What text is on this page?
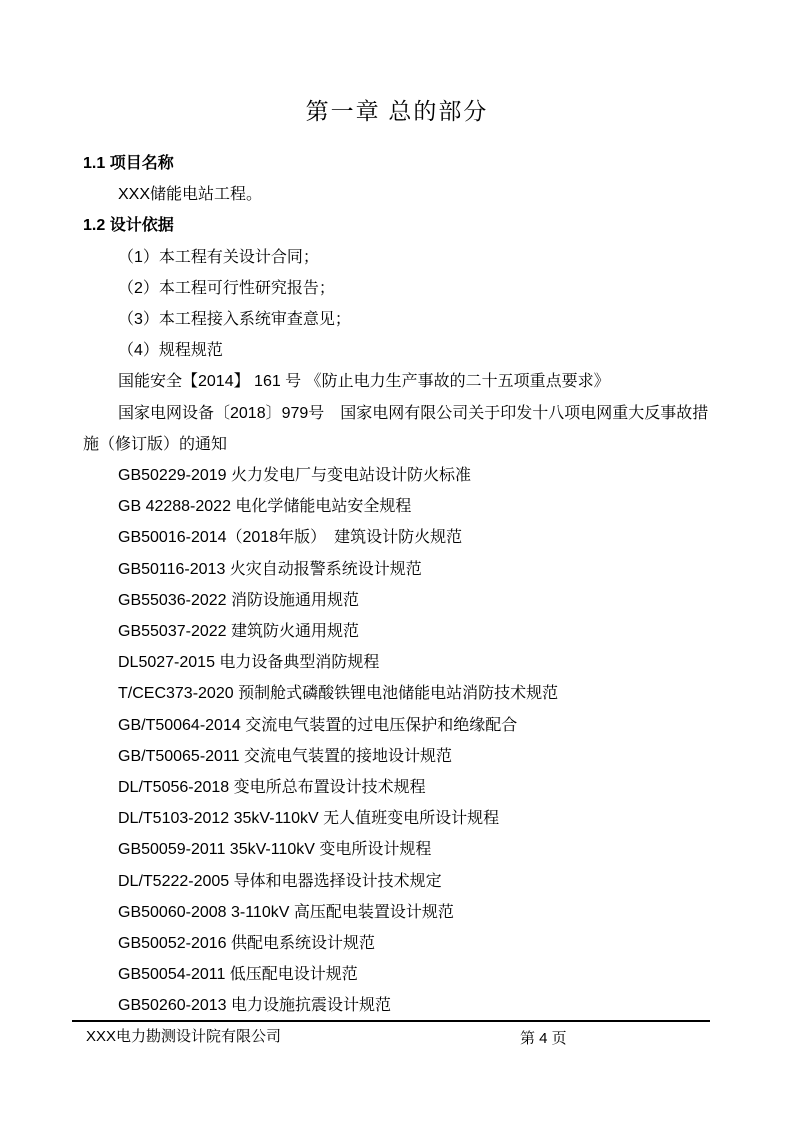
第一章 总的部分

1.1 项目名称

XXX储能电站工程。

1.2 设计依据

（1）本工程有关设计合同；

（2）本工程可行性研究报告；

（3）本工程接入系统审查意见；

（4）规程规范

国能安全【2014】 161 号 《防止电力生产事故的二十五项重点要求》

国家电网设备〔2018〕979号　国家电网有限公司关于印发十八项电网重大反事故措施（修订版）的通知

GB50229-2019 火力发电厂与变电站设计防火标准

GB 42288-2022 电化学储能电站安全规程

GB50016-2014（2018年版）　建筑设计防火规范

GB50116-2013 火灾自动报警系统设计规范

GB55036-2022 消防设施通用规范

GB55037-2022 建筑防火通用规范

DL5027-2015 电力设备典型消防规程

T/CEC373-2020 预制舱式磷酸铁锂电池储能电站消防技术规范

GB/T50064-2014 交流电气装置的过电压保护和绝缘配合

GB/T50065-2011 交流电气装置的接地设计规范

DL/T5056-2018 变电所总布置设计技术规程

DL/T5103-2012 35kV-110kV 无人值班变电所设计规程

GB50059-2011 35kV-110kV 变电所设计规程

DL/T5222-2005 导体和电器选择设计技术规定

GB50060-2008 3-110kV 高压配电装置设计规范

GB50052-2016 供配电系统设计规范

GB50054-2011 低压配电设计规范

GB50260-2013 电力设施抗震设计规范

XXX电力勘测设计院有限公司	第 4 页
